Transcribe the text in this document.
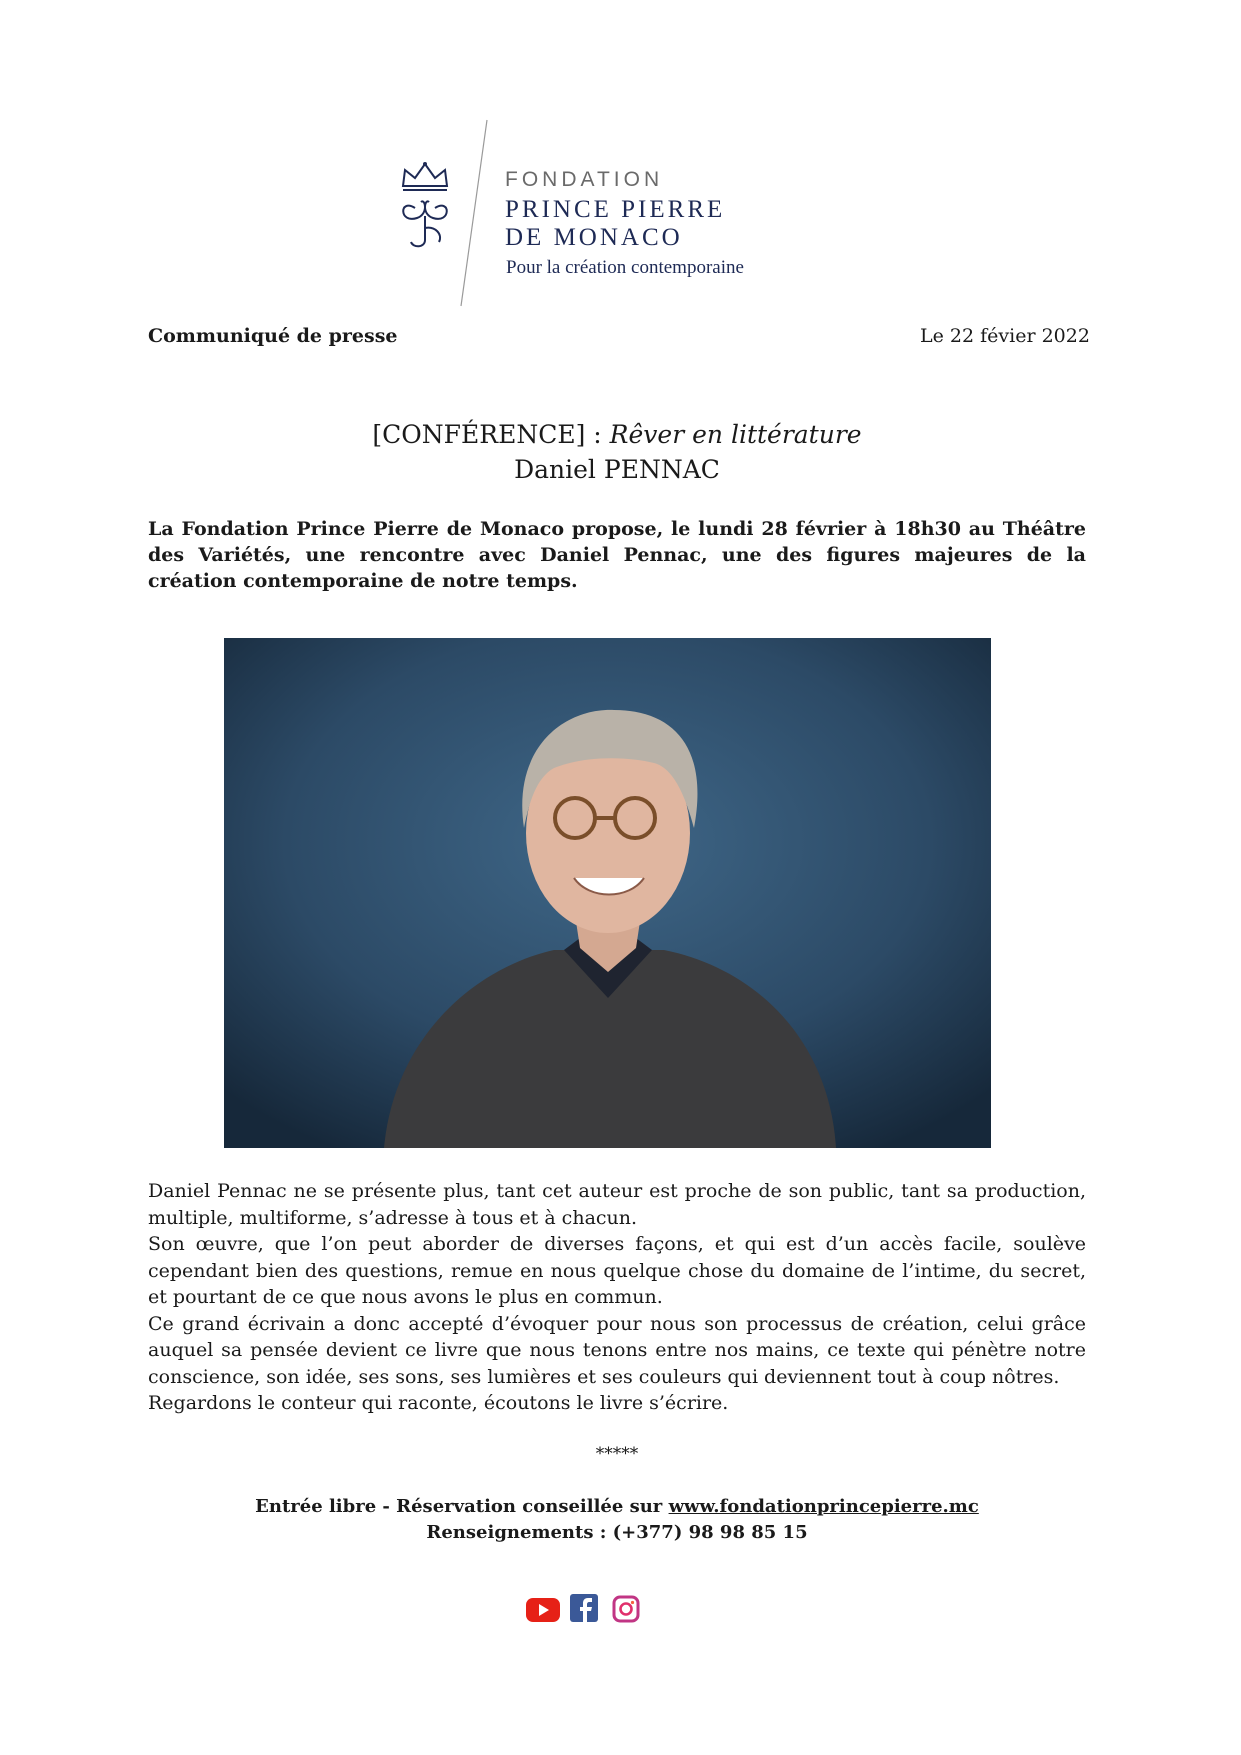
FONDATION
PRINCE PIERRE
DE MONACO
Pour la création contemporaine
Communiqué de presse	Le 22 févier 2022
[CONFÉRENCE] : Rêver en littérature
Daniel PENNAC
La Fondation Prince Pierre de Monaco propose, le lundi 28 février à 18h30 au Théâtre des Variétés, une rencontre avec Daniel Pennac, une des figures majeures de la création contemporaine de notre temps.

Daniel Pennac ne se présente plus, tant cet auteur est proche de son public, tant sa production, multiple, multiforme, s’adresse à tous et à chacun.

Son œuvre, que l’on peut aborder de diverses façons, et qui est d’un accès facile, soulève cependant bien des questions, remue en nous quelque chose du domaine de l’intime, du secret, et pourtant de ce que nous avons le plus en commun.

Ce grand écrivain a donc accepté d’évoquer pour nous son processus de création, celui grâce auquel sa pensée devient ce livre que nous tenons entre nos mains, ce texte qui pénètre notre conscience, son idée, ses sons, ses lumières et ses couleurs qui deviennent tout à coup nôtres.

Regardons le conteur qui raconte, écoutons le livre s’écrire.

*****
Entrée libre - Réservation conseillée sur www.fondationprincepierre.mc
Renseignements : (+377) 98 98 85 15
